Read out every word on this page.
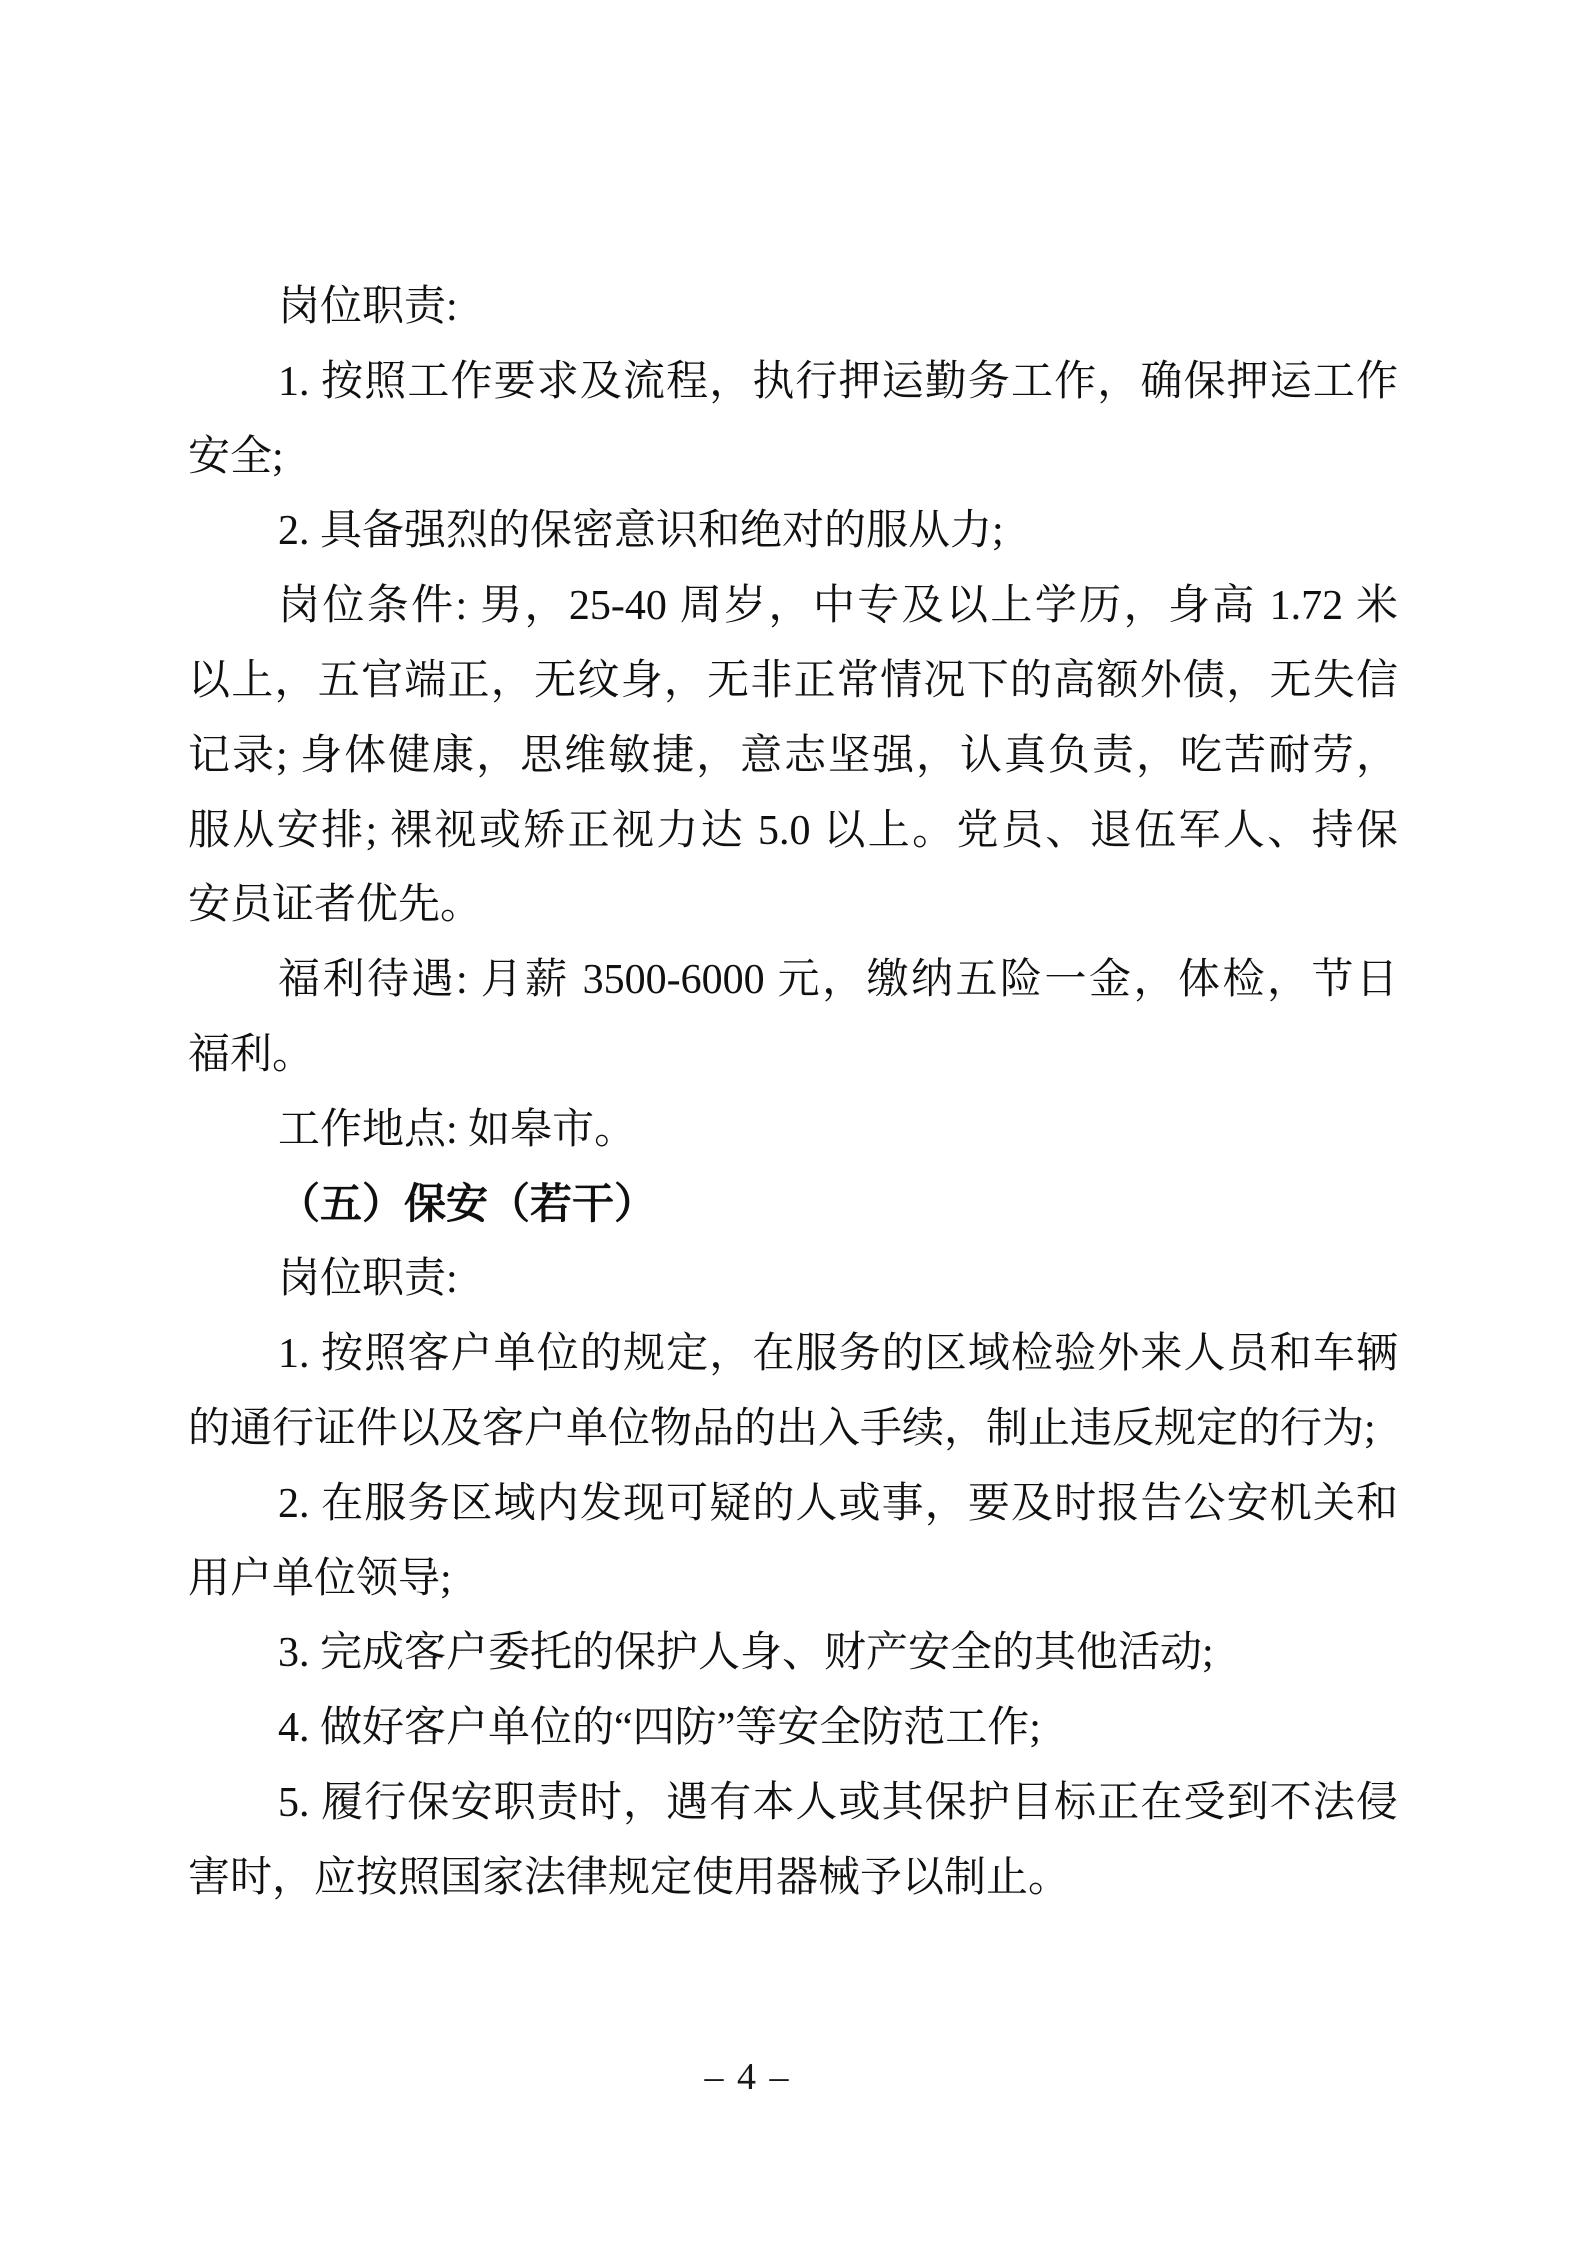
岗位职责:
1. 按照工作要求及流程，执行押运勤务工作，确保押运工作
安全;
2. 具备强烈的保密意识和绝对的服从力;
岗位条件: 男，25-40 周岁，中专及以上学历，身高 1.72 米
以上，五官端正，无纹身，无非正常情况下的高额外债，无失信
记录; 身体健康，思维敏捷，意志坚强，认真负责，吃苦耐劳，
服从安排; 裸视或矫正视力达 5.0 以上。党员、退伍军人、持保
安员证者优先。
福利待遇: 月薪 3500-6000 元，缴纳五险一金，体检，节日
福利。
工作地点: 如皋市。
（五）保安（若干）
岗位职责:
1. 按照客户单位的规定，在服务的区域检验外来人员和车辆
的通行证件以及客户单位物品的出入手续，制止违反规定的行为;
2. 在服务区域内发现可疑的人或事，要及时报告公安机关和
用户单位领导;
3. 完成客户委托的保护人身、财产安全的其他活动;
4. 做好客户单位的“四防”等安全防范工作;
5. 履行保安职责时，遇有本人或其保护目标正在受到不法侵
害时，应按照国家法律规定使用器械予以制止。
– 4 –
